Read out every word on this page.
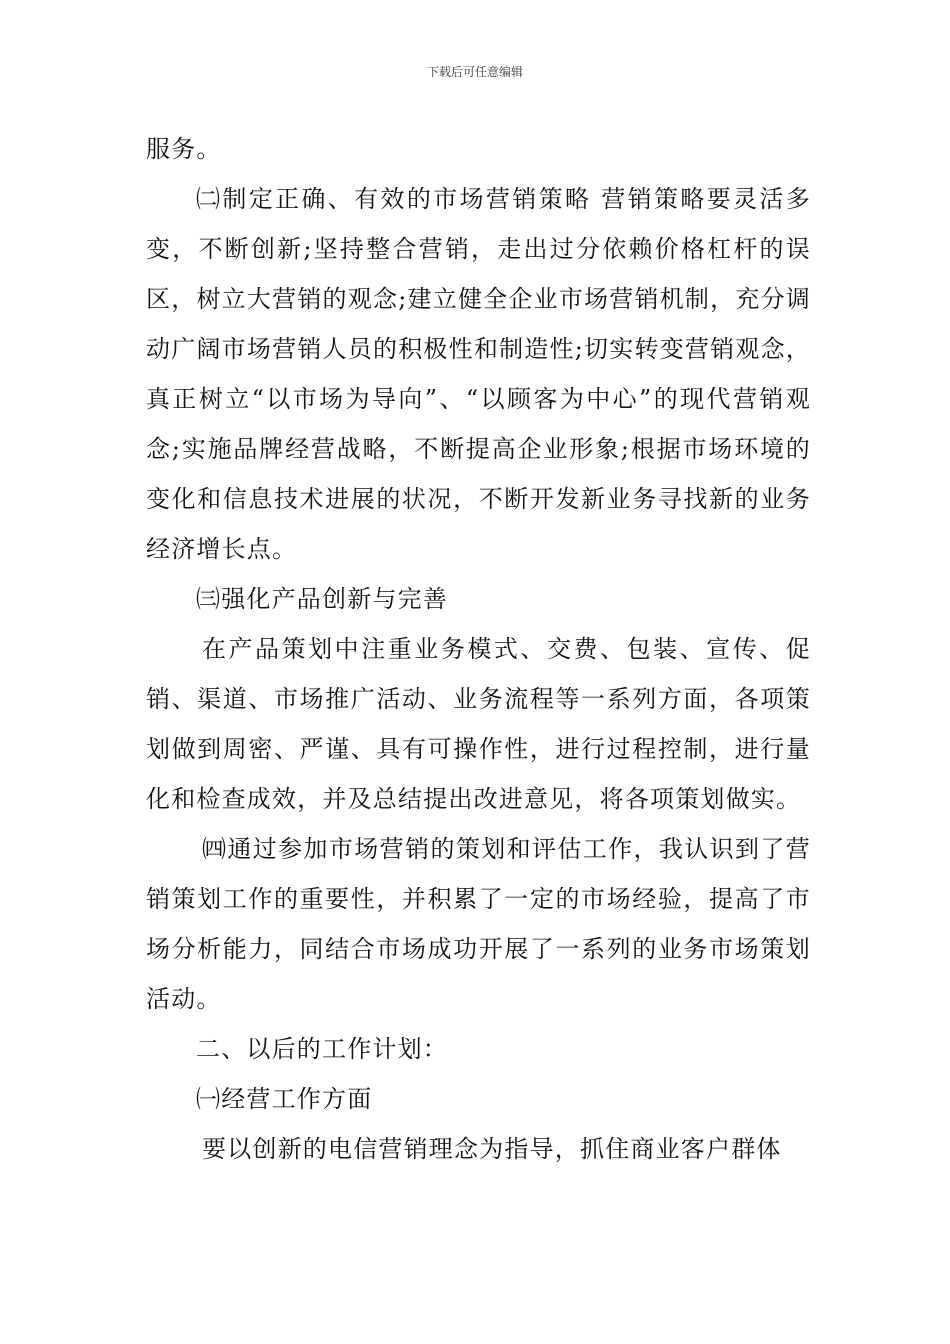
下载后可任意编辑

服务。

㈡制定正确、有效的市场营销策略 营销策略要灵活多变，不断创新;坚持整合营销，走出过分依赖价格杠杆的误区，树立大营销的观念;建立健全企业市场营销机制，充分调动广阔市场营销人员的积极性和制造性;切实转变营销观念，真正树立“以市场为导向”、“以顾客为中心”的现代营销观念;实施品牌经营战略，不断提高企业形象;根据市场环境的变化和信息技术进展的状况，不断开发新业务寻找新的业务经济增长点。

㈢强化产品创新与完善

在产品策划中注重业务模式、交费、包装、宣传、促销、渠道、市场推广活动、业务流程等一系列方面，各项策划做到周密、严谨、具有可操作性，进行过程控制，进行量化和检查成效，并及总结提出改进意见，将各项策划做实。

㈣通过参加市场营销的策划和评估工作，我认识到了营销策划工作的重要性，并积累了一定的市场经验，提高了市场分析能力，同结合市场成功开展了一系列的业务市场策划活动。

二、以后的工作计划：

㈠经营工作方面

要以创新的电信营销理念为指导，抓住商业客户群体
